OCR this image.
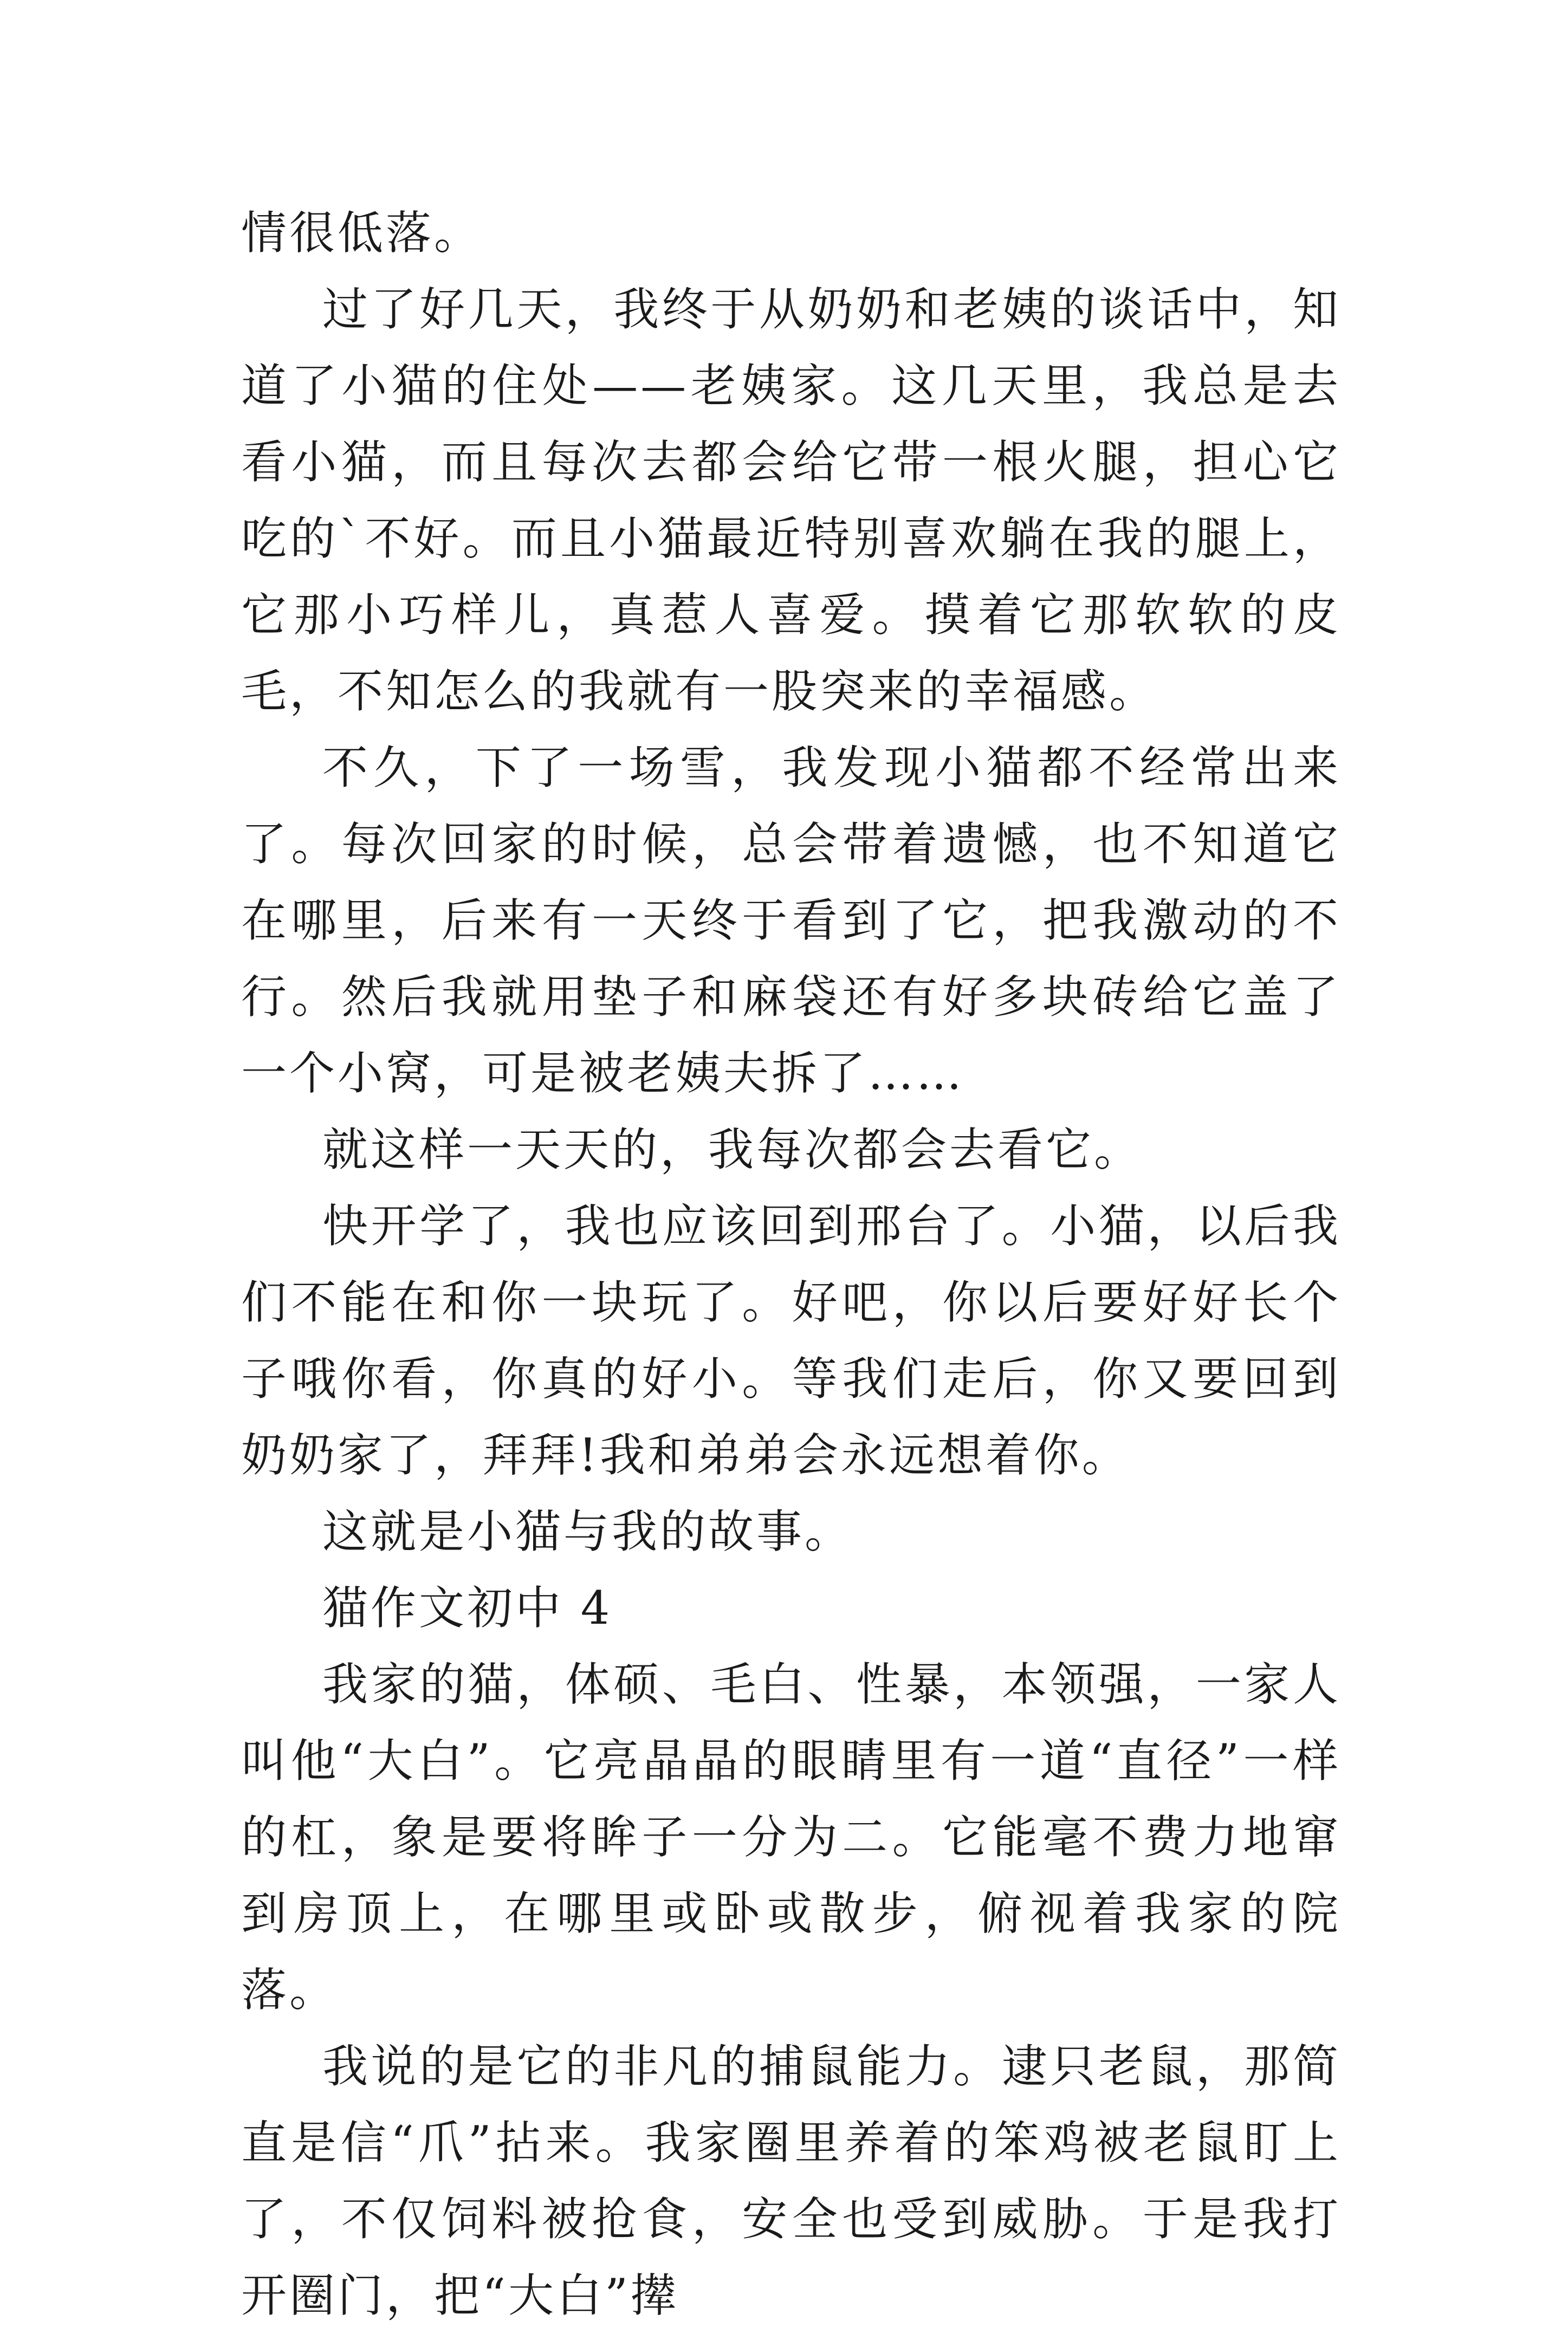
情很低落。

过了好几天，我终于从奶奶和老姨的谈话中，知道了小猫的住处——老姨家。这几天里，我总是去看小猫，而且每次去都会给它带一根火腿，担心它吃的`不好。而且小猫最近特别喜欢躺在我的腿上，它那小巧样儿，真惹人喜爱。摸着它那软软的皮毛，不知怎么的我就有一股突来的幸福感。

不久，下了一场雪，我发现小猫都不经常出来了。每次回家的时候，总会带着遗憾，也不知道它在哪里，后来有一天终于看到了它，把我激动的不行。然后我就用垫子和麻袋还有好多块砖给它盖了一个小窝，可是被老姨夫拆了……

就这样一天天的，我每次都会去看它。

快开学了，我也应该回到邢台了。小猫，以后我们不能在和你一块玩了。好吧，你以后要好好长个子哦你看，你真的好小。等我们走后，你又要回到奶奶家了，拜拜!我和弟弟会永远想着你。

这就是小猫与我的故事。

猫作文初中 4

我家的猫，体硕、毛白、性暴，本领强，一家人叫他“大白”。它亮晶晶的眼睛里有一道“直径”一样的杠，象是要将眸子一分为二。它能毫不费力地窜到房顶上，在哪里或卧或散步，俯视着我家的院落。

我说的是它的非凡的捕鼠能力。逮只老鼠，那简直是信“爪”拈来。我家圈里养着的笨鸡被老鼠盯上了，不仅饲料被抢食，安全也受到威胁。于是我打开圈门，把“大白”撵
